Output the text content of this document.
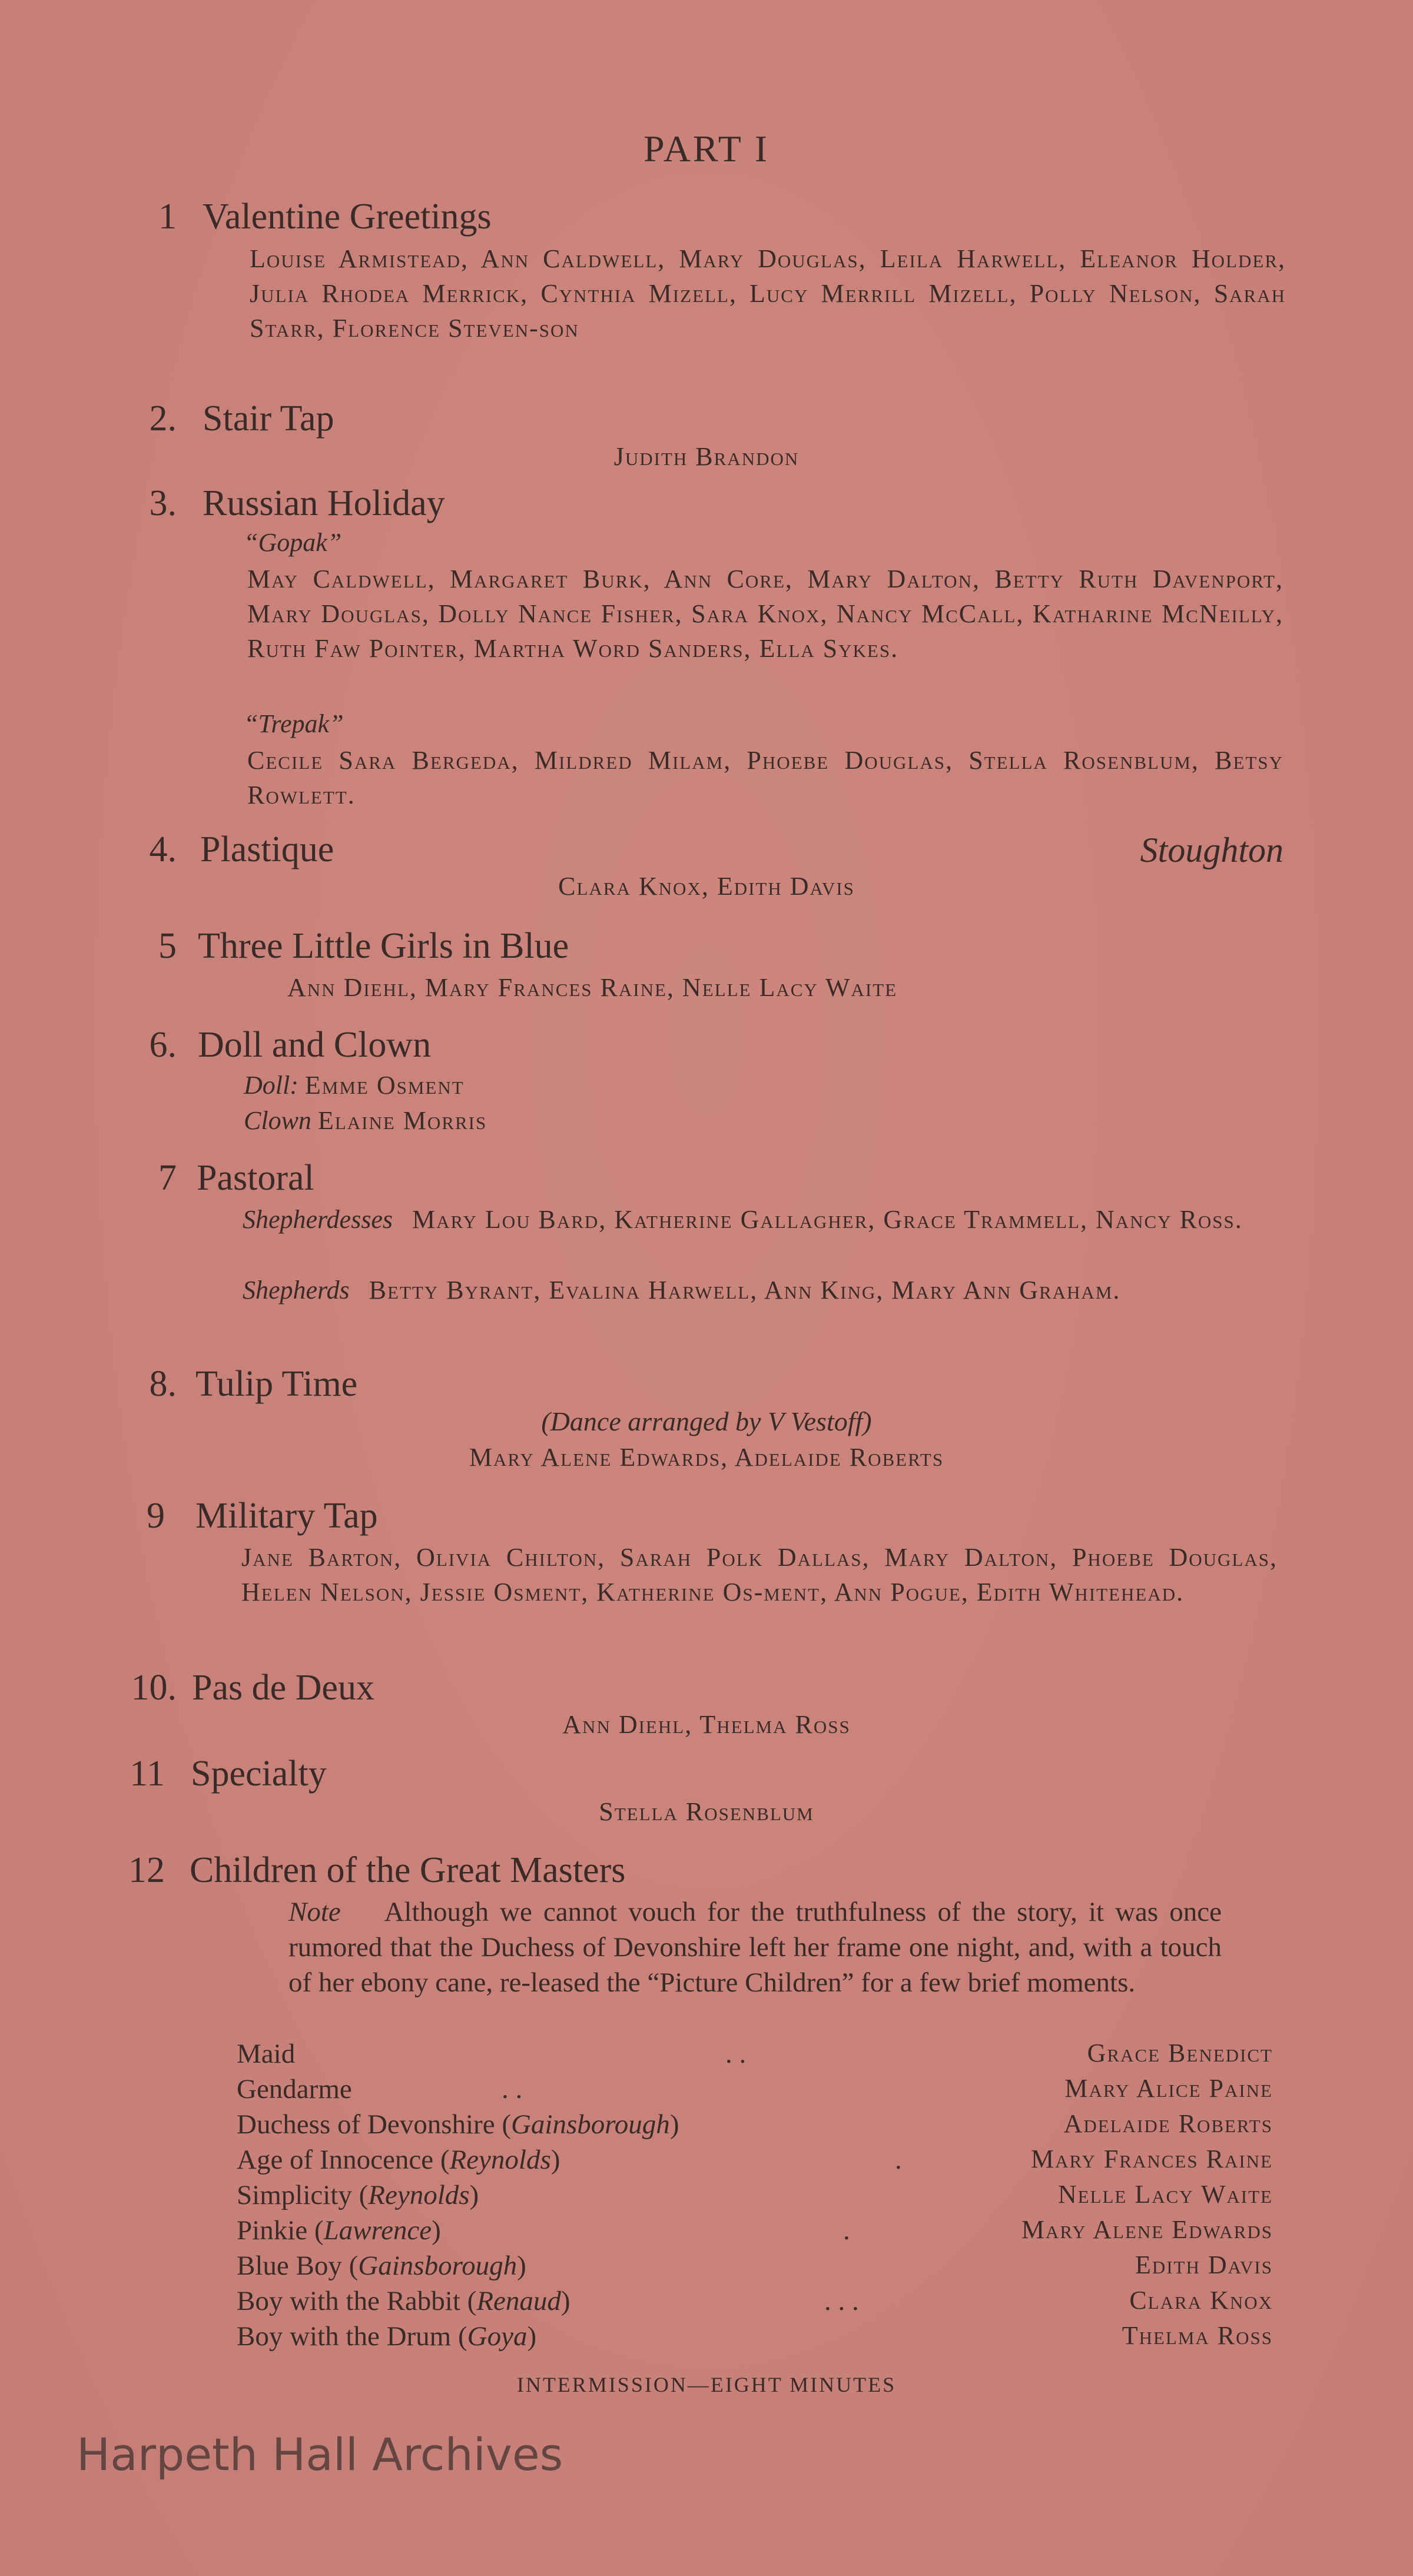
PART I
1 Valentine Greetings
Louise Armistead, Ann Caldwell, Mary Douglas, Leila Harwell, Eleanor Holder, Julia Rhodea Merrick, Cynthia Mizell, Lucy Merrill Mizell, Polly Nelson, Sarah Starr, Florence Steven-son
2. Stair Tap
Judith Brandon
3. Russian Holiday
“Gopak”
May Caldwell, Margaret Burk, Ann Core, Mary Dalton, Betty Ruth Davenport, Mary Douglas, Dolly Nance Fisher, Sara Knox, Nancy McCall, Katharine McNeilly, Ruth Faw Pointer, Martha Word Sanders, Ella Sykes.
“Trepak”
Cecile Sara Bergeda, Mildred Milam, Phoebe Douglas, Stella Rosenblum, Betsy Rowlett.
4. Plastique	Stoughton
Clara Knox, Edith Davis
5 Three Little Girls in Blue
Ann Diehl, Mary Frances Raine, Nelle Lacy Waite
6. Doll and Clown
Doll: Emme Osment
Clown Elaine Morris
7 Pastoral
Shepherdesses Mary Lou Bard, Katherine Gallagher, Grace Trammell, Nancy Ross.
Shepherds Betty Byrant, Evalina Harwell, Ann King, Mary Ann Graham.
8. Tulip Time
(Dance arranged by V Vestoff)
Mary Alene Edwards, Adelaide Roberts
9 Military Tap
Jane Barton, Olivia Chilton, Sarah Polk Dallas, Mary Dalton, Phoebe Douglas, Helen Nelson, Jessie Osment, Katherine Os-ment, Ann Pogue, Edith Whitehead.
10. Pas de Deux
Ann Diehl, Thelma Ross
11 Specialty
Stella Rosenblum
12 Children of the Great Masters
Note Although we cannot vouch for the truthfulness of the story, it was once rumored that the Duchess of Devonshire left her frame one night, and, with a touch of her ebony cane, re-leased the “Picture Children” for a few brief moments.
Maid	. .	Grace Benedict
Gendarme	. .	Mary Alice Paine
Duchess of Devonshire (Gainsborough)	Adelaide Roberts
Age of Innocence (Reynolds)	.	Mary Frances Raine
Simplicity (Reynolds)	Nelle Lacy Waite
Pinkie (Lawrence)	.	Mary Alene Edwards
Blue Boy (Gainsborough)	Edith Davis
Boy with the Rabbit (Renaud)	. . .	Clara Knox
Boy with the Drum (Goya)	Thelma Ross
INTERMISSION—EIGHT MINUTES
Harpeth Hall Archives
